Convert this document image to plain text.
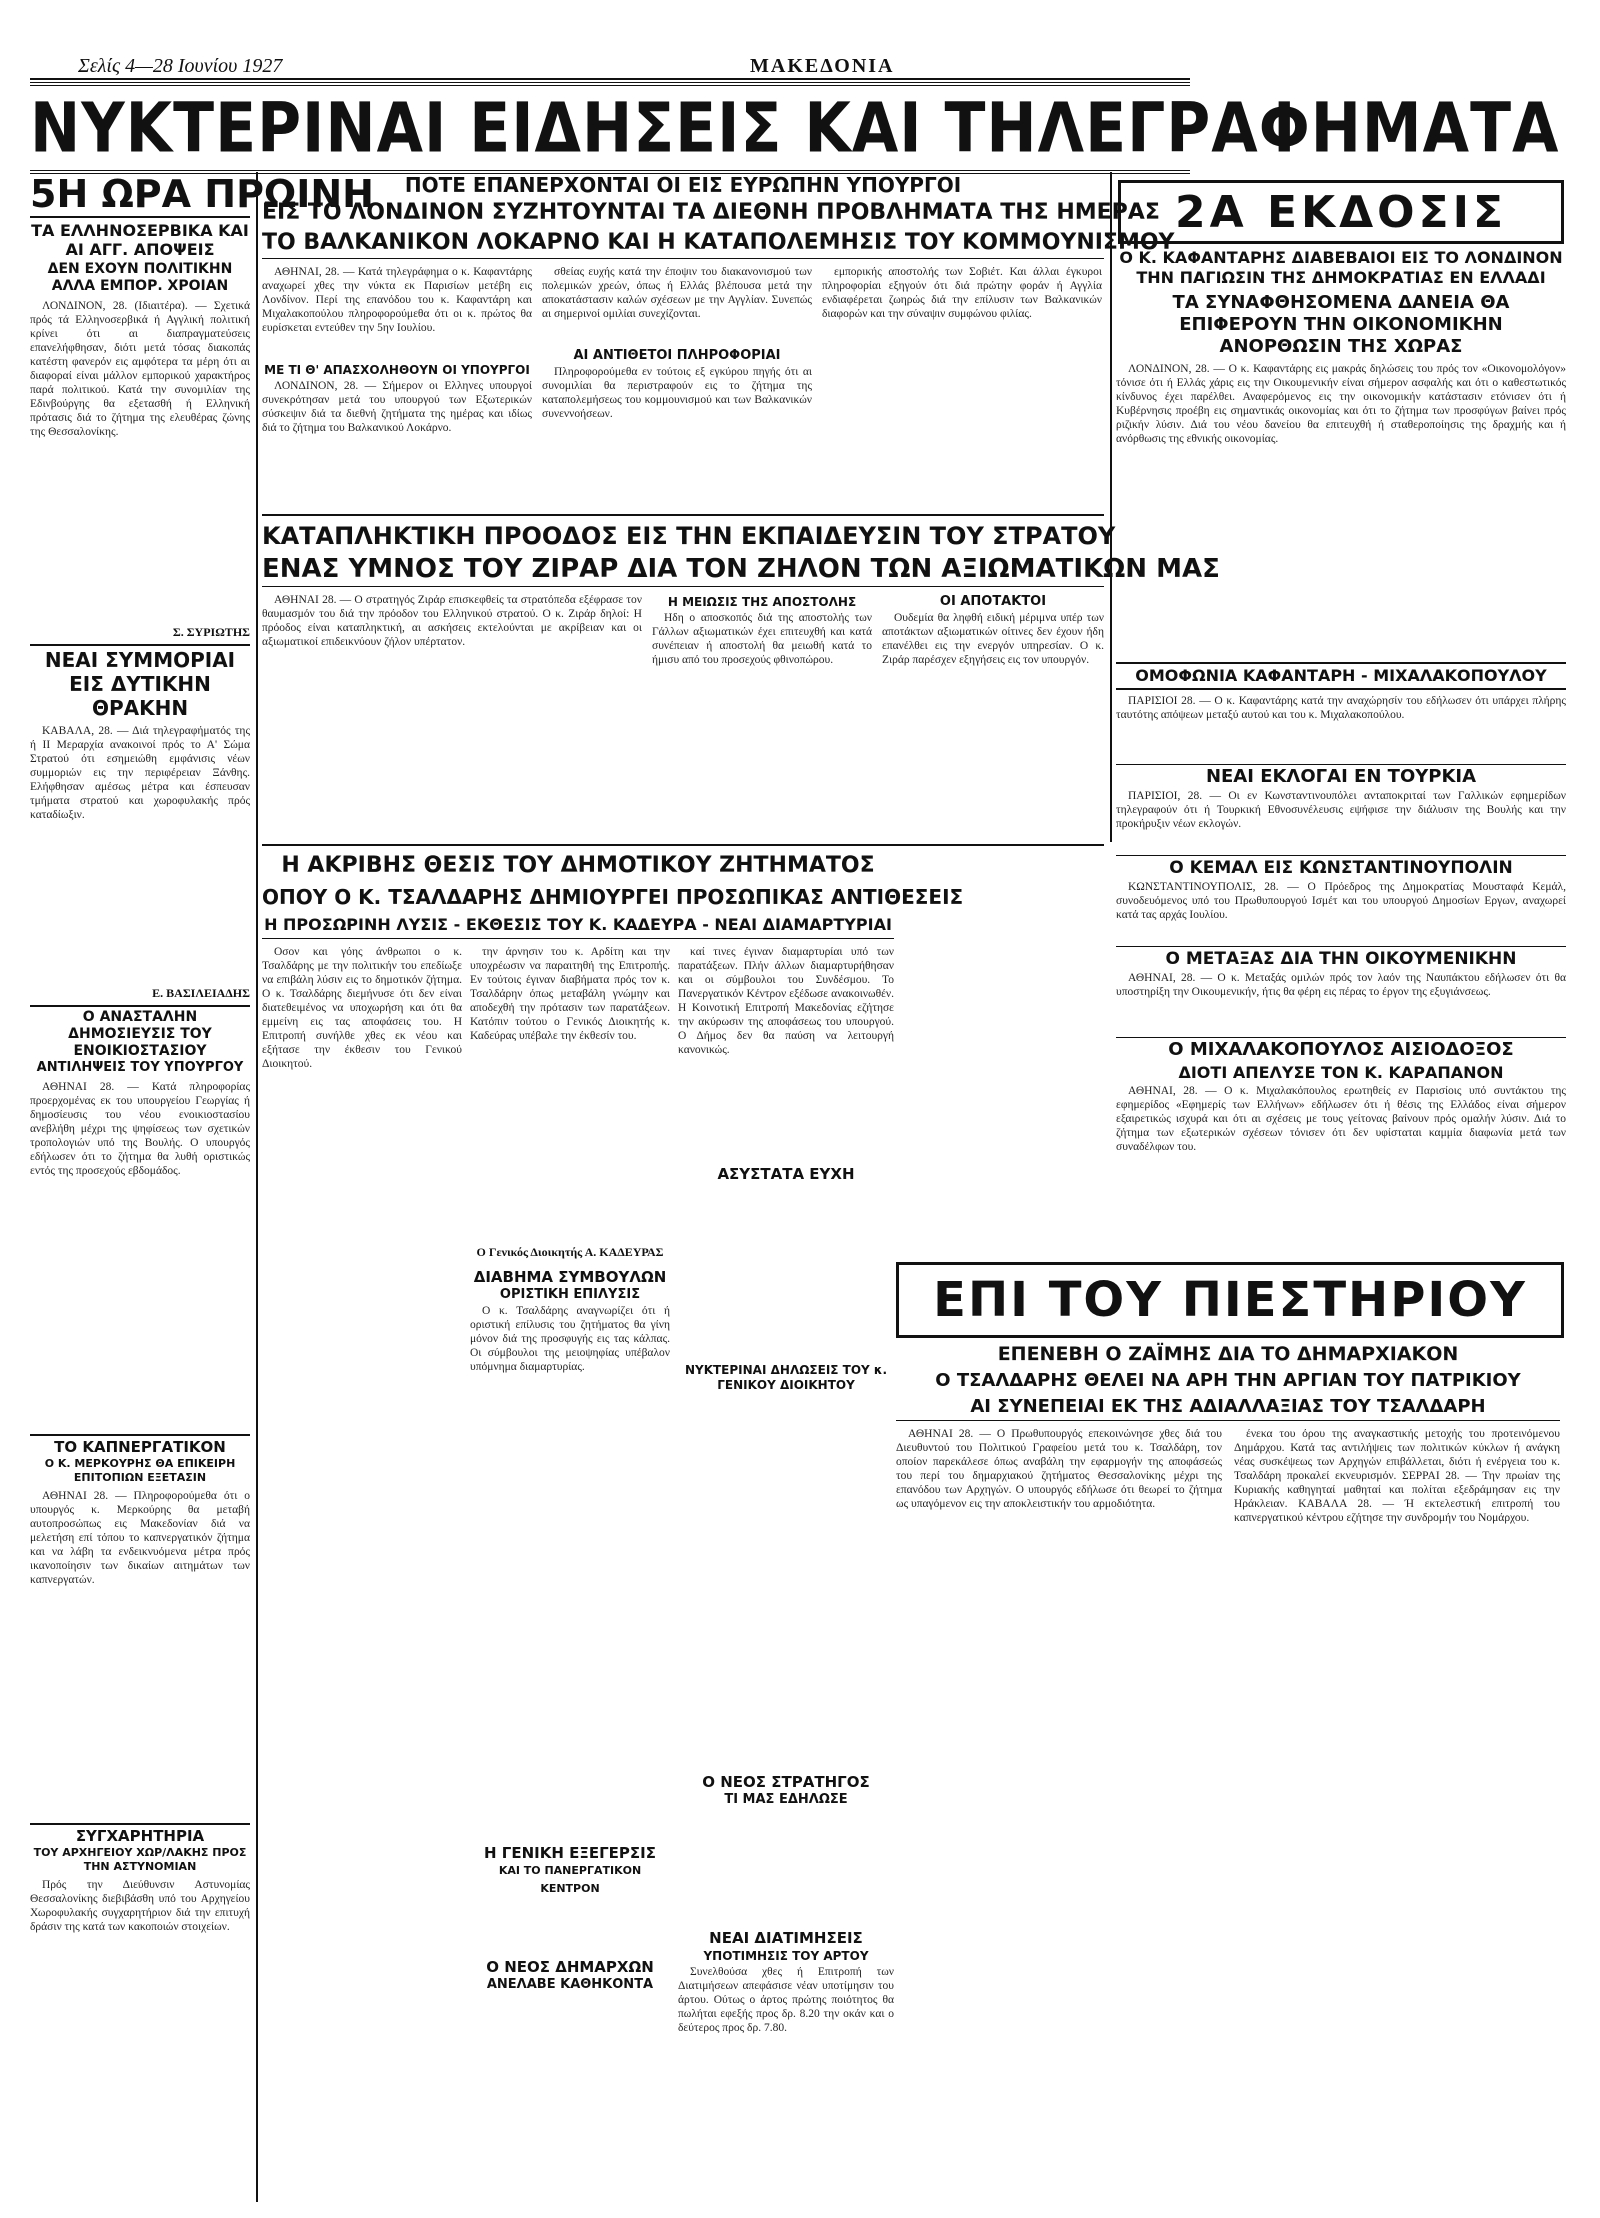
Σελίς 4—28 Ιουνίου 1927	ΜΑΚΕΔΟΝΙΑ
ΝΥΚΤΕΡΙΝΑΙ ΕΙΔΗΣΕΙΣ ΚΑΙ ΤΗΛΕΓΡΑΦΗΜΑΤΑ
5Η ΩΡΑ ΠΡΩΙΝΗ
ΤΑ ΕΛΛΗΝΟΣΕΡΒΙΚΑ ΚΑΙ ΑΙ ΑΓΓ. ΑΠΟΨΕΙΣ
ΔΕΝ ΕΧΟΥΝ ΠΟΛΙΤΙΚΗΝ ΑΛΛΑ ΕΜΠΟΡ. ΧΡΟΙΑΝ

ΛΟΝΔΙΝΟΝ, 28. (Ιδιαιτέρα). — Σχετικά πρός τά Ελληνοσερβικά ή Αγγλική πολιτική κρίνει ότι αι διαπραγματεύσεις επανελήφθησαν, διότι μετά τόσας διακοπάς κατέστη φανερόν εις αμφότερα τα μέρη ότι αι διαφοραί είναι μάλλον εμπορικού χαρακτήρος παρά πολιτικού. Κατά την συνομιλίαν της Εδινβούργης θα εξετασθή ή Ελληνική πρότασις διά το ζήτημα της ελευθέρας ζώνης της Θεσσαλονίκης.

Σ. ΣΥΡΙΩΤΗΣ
ΝΕΑΙ ΣΥΜΜΟΡΙΑΙ ΕΙΣ ΔΥΤΙΚΗΝ ΘΡΑΚΗΝ

ΚΑΒΑΛΑ, 28. — Διά τηλεγραφήματός της ή ΙΙ Μεραρχία ανακοινοί πρός το Α' Σώμα Στρατού ότι εσημειώθη εμφάνισις νέων συμμοριών εις την περιφέρειαν Ξάνθης. Ελήφθησαν αμέσως μέτρα και έσπευσαν τμήματα στρατού και χωροφυλακής πρός καταδίωξιν.

Ε. ΒΑΣΙΛΕΙΑΔΗΣ
Ο ΑΝΑΣΤΑΛΗΝ ΔΗΜΟΣΙΕΥΣΙΣ ΤΟΥ ΕΝΟΙΚΙΟΣΤΑΣΙΟΥ
ΑΝΤΙΛΗΨΕΙΣ ΤΟΥ ΥΠΟΥΡΓΟΥ

ΑΘΗΝΑΙ 28. — Κατά πληροφορίας προερχομένας εκ του υπουργείου Γεωργίας ή δημοσίευσις του νέου ενοικιοστασίου ανεβλήθη μέχρι της ψηφίσεως των σχετικών τροπολογιών υπό της Βουλής. Ο υπουργός εδήλωσεν ότι το ζήτημα θα λυθή οριστικώς εντός της προσεχούς εβδομάδος.

ΤΟ ΚΑΠΝΕΡΓΑΤΙΚΟΝ
Ο Κ. ΜΕΡΚΟΥΡΗΣ ΘΑ ΕΠΙΚΕΙΡΗ ΕΠΙΤΟΠΙΩΝ ΕΞΕΤΑΣΙΝ

ΑΘΗΝΑΙ 28. — Πληροφορούμεθα ότι ο υπουργός κ. Μερκούρης θα μεταβή αυτοπροσώπως εις Μακεδονίαν διά να μελετήση επί τόπου το καπνεργατικόν ζήτημα και να λάβη τα ενδεικνυόμενα μέτρα πρός ικανοποίησιν των δικαίων αιτημάτων των καπνεργατών.

ΣΥΓΧΑΡΗΤΗΡΙΑ
ΤΟΥ ΑΡΧΗΓΕΙΟΥ ΧΩΡ/ΛΑΚΗΣ ΠΡΟΣ ΤΗΝ ΑΣΤΥΝΟΜΙΑΝ

Πρός την Διεύθυνσιν Αστυνομίας Θεσσαλονίκης διεβιβάσθη υπό του Αρχηγείου Χωροφυλακής συγχαρητήριον διά την επιτυχή δράσιν της κατά των κακοποιών στοιχείων.

ΠΟΤΕ ΕΠΑΝΕΡΧΟΝΤΑΙ ΟΙ ΕΙΣ ΕΥΡΩΠΗΝ ΥΠΟΥΡΓΟΙ
ΕΙΣ ΤΟ ΛΟΝΔΙΝΟΝ ΣΥΖΗΤΟΥΝΤΑΙ ΤΑ ΔΙΕΘΝΗ ΠΡΟΒΛΗΜΑΤΑ ΤΗΣ ΗΜΕΡΑΣ
ΤΟ ΒΑΛΚΑΝΙΚΟΝ ΛΟΚΑΡΝΟ ΚΑΙ Η ΚΑΤΑΠΟΛΕΜΗΣΙΣ ΤΟΥ ΚΟΜΜΟΥΝΙΣΜΟΥ

ΑΘΗΝΑΙ, 28. — Κατά τηλεγράφημα ο κ. Καφαντάρης αναχωρεί χθες την νύκτα εκ Παρισίων μετέβη εις Λονδίνον. Περί της επανόδου του κ. Καφαντάρη και Μιχαλακοπούλου πληροφορούμεθα ότι οι κ. πρώτος θα ευρίσκεται εντεύθεν την 5ην Ιουλίου.

ΜΕ ΤΙ Θ' ΑΠΑΣΧΟΛΗΘΟΥΝ ΟΙ ΥΠΟΥΡΓΟΙ

ΛΟΝΔΙΝΟΝ, 28. — Σήμερον οι Ελληνες υπουργοί συνεκρότησαν μετά του υπουργού των Εξωτερικών σύσκεψιν διά τα διεθνή ζητήματα της ημέρας και ιδίως διά το ζήτημα του Βαλκανικού Λοκάρνο.

σθείας ευχής κατά την έποψιν του διακανονισμού των πολεμικών χρεών, όπως ή Ελλάς βλέπουσα μετά την αποκατάστασιν καλών σχέσεων με την Αγγλίαν. Συνεπώς αι σημερινοί ομιλίαι συνεχίζονται.

ΑΙ ΑΝΤΙΘΕΤΟΙ ΠΛΗΡΟΦΟΡΙΑΙ

Πληροφορούμεθα εν τούτοις εξ εγκύρου πηγής ότι αι συνομιλίαι θα περιστραφούν εις το ζήτημα της καταπολεμήσεως του κομμουνισμού και των Βαλκανικών συνεννοήσεων.

εμπορικής αποστολής των Σοβιέτ. Και άλλαι έγκυροι πληροφορίαι εξηγούν ότι διά πρώτην φοράν ή Αγγλία ενδιαφέρεται ζωηρώς διά την επίλυσιν των Βαλκανικών διαφορών και την σύναψιν συμφώνου φιλίας.

ΚΑΤΑΠΛΗΚΤΙΚΗ ΠΡΟΟΔΟΣ ΕΙΣ ΤΗΝ ΕΚΠΑΙΔΕΥΣΙΝ ΤΟΥ ΣΤΡΑΤΟΥ
ΕΝΑΣ ΥΜΝΟΣ ΤΟΥ ΖΙΡΑΡ ΔΙΑ ΤΟΝ ΖΗΛΟΝ ΤΩΝ ΑΞΙΩΜΑΤΙΚΩΝ ΜΑΣ

ΑΘΗΝΑΙ 28. — Ο στρατηγός Ζιράρ επισκεφθείς τα στρατόπεδα εξέφρασε τον θαυμασμόν του διά την πρόοδον του Ελληνικού στρατού. Ο κ. Ζιράρ δηλοί: Η πρόοδος είναι καταπληκτική, αι ασκήσεις εκτελούνται με ακρίβειαν και οι αξιωματικοί επιδεικνύουν ζήλον υπέρτατον.

Η ΜΕΙΩΣΙΣ ΤΗΣ ΑΠΟΣΤΟΛΗΣ

Ηδη ο αποσκοπός διά της αποστολής των Γάλλων αξιωματικών έχει επιτευχθή και κατά συνέπειαν ή αποστολή θα μειωθή κατά το ήμισυ από του προσεχούς φθινοπώρου.

ΟΙ ΑΠΟΤΑΚΤΟΙ

Ουδεμία θα ληφθή ειδική μέριμνα υπέρ των αποτάκτων αξιωματικών οίτινες δεν έχουν ήδη επανέλθει εις την ενεργόν υπηρεσίαν. Ο κ. Ζιράρ παρέσχεν εξηγήσεις εις τον υπουργόν.

Η ΑΚΡΙΒΗΣ ΘΕΣΙΣ ΤΟΥ ΔΗΜΟΤΙΚΟΥ ΖΗΤΗΜΑΤΟΣ
ΟΠΟΥ Ο Κ. ΤΣΑΛΔΑΡΗΣ ΔΗΜΙΟΥΡΓΕΙ ΠΡΟΣΩΠΙΚΑΣ ΑΝΤΙΘΕΣΕΙΣ
Η ΠΡΟΣΩΡΙΝΗ ΛΥΣΙΣ - ΕΚΘΕΣΙΣ ΤΟΥ Κ. ΚΑΔΕΥΡΑ - ΝΕΑΙ ΔΙΑΜΑΡΤΥΡΙΑΙ

Οσον και γόης άνθρωποι ο κ. Τσαλδάρης με την πολιτικήν του επεδίωξε να επιβάλη λύσιν εις το δημοτικόν ζήτημα. Ο κ. Τσαλδάρης διεμήνυσε ότι δεν είναι διατεθειμένος να υποχωρήση και ότι θα εμμείνη εις τας αποφάσεις του. Η Επιτροπή συνήλθε χθες εκ νέου και εξήτασε την έκθεσιν του Γενικού Διοικητού.

την άρνησιν του κ. Αρδίτη και την υποχρέωσιν να παραιτηθή της Επιτροπής. Εν τούτοις έγιναν διαβήματα πρός τον κ. Τσαλδάρην όπως μεταβάλη γνώμην και αποδεχθή την πρότασιν των παρατάξεων. Κατόπιν τούτου ο Γενικός Διοικητής κ. Καδεύρας υπέβαλε την έκθεσίν του.

Ο Γενικός Διοικητής Α. ΚΑΔΕΥΡΑΣ
ΔΙΑΒΗΜΑ ΣΥΜΒΟΥΛΩΝ
ΟΡΙΣΤΙΚΗ ΕΠΙΛΥΣΙΣ

Ο κ. Τσαλδάρης αναγνωρίζει ότι ή οριστική επίλυσις του ζητήματος θα γίνη μόνον διά της προσφυγής εις τας κάλπας. Οι σύμβουλοι της μειοψηφίας υπέβαλον υπόμνημα διαμαρτυρίας.

Η ΓΕΝΙΚΗ ΕΞΕΓΕΡΣΙΣ
ΚΑΙ ΤΟ ΠΑΝΕΡΓΑΤΙΚΟΝ ΚΕΝΤΡΟΝ
Ο ΝΕΟΣ ΔΗΜΑΡΧΩΝ
ΑΝΕΛΑΒΕ ΚΑΘΗΚΟΝΤΑ

καί τινες έγιναν διαμαρτυρίαι υπό των παρατάξεων. Πλήν άλλων διαμαρτυρήθησαν και οι σύμβουλοι του Συνδέσμου. Το Πανεργατικόν Κέντρον εξέδωσε ανακοινωθέν. Η Κοινοτική Επιτροπή Μακεδονίας εζήτησε την ακύρωσιν της αποφάσεως του υπουργού. Ο Δήμος δεν θα παύση να λειτουργή κανονικώς.

ΑΣΥΣΤΑΤΑ ΕΥΧΗ
ΝΥΚΤΕΡΙΝΑΙ ΔΗΛΩΣΕΙΣ ΤΟΥ κ. ΓΕΝΙΚΟΥ ΔΙΟΙΚΗΤΟΥ
Ο ΝΕΟΣ ΣΤΡΑΤΗΓΟΣ
ΤΙ ΜΑΣ ΕΔΗΛΩΣΕ
ΝΕΑΙ ΔΙΑΤΙΜΗΣΕΙΣ
ΥΠΟΤΙΜΗΣΙΣ ΤΟΥ ΑΡΤΟΥ

Συνελθούσα χθες ή Επιτροπή των Διατιμήσεων απεφάσισε νέαν υποτίμησιν του άρτου. Ούτως ο άρτος πρώτης ποιότητος θα πωλήται εφεξής προς δρ. 8.20 την οκάν και ο δεύτερος προς δρ. 7.80.

2Α ΕΚΔΟΣΙΣ
Ο Κ. ΚΑΦΑΝΤΑΡΗΣ ΔΙΑΒΕΒΑΙΟΙ ΕΙΣ ΤΟ ΛΟΝΔΙΝΟΝ ΤΗΝ ΠΑΓΙΩΣΙΝ ΤΗΣ ΔΗΜΟΚΡΑΤΙΑΣ ΕΝ ΕΛΛΑΔΙ
ΤΑ ΣΥΝΑΦΘΗΣΟΜΕΝΑ ΔΑΝΕΙΑ ΘΑ ΕΠΙΦΕΡΟΥΝ ΤΗΝ ΟΙΚΟΝΟΜΙΚΗΝ ΑΝΟΡΘΩΣΙΝ ΤΗΣ ΧΩΡΑΣ

ΛΟΝΔΙΝΟΝ, 28. — Ο κ. Καφαντάρης εις μακράς δηλώσεις του πρός τον «Οικονομολόγον» τόνισε ότι ή Ελλάς χάρις εις την Οικουμενικήν είναι σήμερον ασφαλής και ότι ο καθεστωτικός κίνδυνος έχει παρέλθει. Αναφερόμενος εις την οικονομικήν κατάστασιν ετόνισεν ότι ή Κυβέρνησις προέβη εις σημαντικάς οικονομίας και ότι το ζήτημα των προσφύγων βαίνει πρός ριζικήν λύσιν. Διά του νέου δανείου θα επιτευχθή ή σταθεροποίησις της δραχμής και ή ανόρθωσις της εθνικής οικονομίας.

ΟΜΟΦΩΝΙΑ ΚΑΦΑΝΤΑΡΗ - ΜΙΧΑΛΑΚΟΠΟΥΛΟΥ

ΠΑΡΙΣΙΟΙ 28. — Ο κ. Καφαντάρης κατά την αναχώρησίν του εδήλωσεν ότι υπάρχει πλήρης ταυτότης απόψεων μεταξύ αυτού και του κ. Μιχαλακοπούλου.

ΝΕΑΙ ΕΚΛΟΓΑΙ ΕΝ ΤΟΥΡΚΙΑ

ΠΑΡΙΣΙΟΙ, 28. — Οι εν Κωνσταντινουπόλει ανταποκριταί των Γαλλικών εφημερίδων τηλεγραφούν ότι ή Τουρκική Εθνοσυνέλευσις εψήφισε την διάλυσιν της Βουλής και την προκήρυξιν νέων εκλογών.

Ο ΚΕΜΑΛ ΕΙΣ ΚΩΝΣΤΑΝΤΙΝΟΥΠΟΛΙΝ

ΚΩΝΣΤΑΝΤΙΝΟΥΠΟΛΙΣ, 28. — Ο Πρόεδρος της Δημοκρατίας Μουσταφά Κεμάλ, συνοδευόμενος υπό του Πρωθυπουργού Ισμέτ και του υπουργού Δημοσίων Εργων, αναχωρεί κατά τας αρχάς Ιουλίου.

Ο ΜΕΤΑΞΑΣ ΔΙΑ ΤΗΝ ΟΙΚΟΥΜΕΝΙΚΗΝ

ΑΘΗΝΑΙ, 28. — Ο κ. Μεταξάς ομιλών πρός τον λαόν της Ναυπάκτου εδήλωσεν ότι θα υποστηρίξη την Οικουμενικήν, ήτις θα φέρη εις πέρας το έργον της εξυγιάνσεως.

Ο ΜΙΧΑΛΑΚΟΠΟΥΛΟΣ ΑΙΣΙΟΔΟΞΟΣ
ΔΙΟΤΙ ΑΠΕΛΥΣΕ ΤΟΝ Κ. ΚΑΡΑΠΑΝΟΝ

ΑΘΗΝΑΙ, 28. — Ο κ. Μιχαλακόπουλος ερωτηθείς εν Παρισίοις υπό συντάκτου της εφημερίδος «Εφημερίς των Ελλήνων» εδήλωσεν ότι ή θέσις της Ελλάδος είναι σήμερον εξαιρετικώς ισχυρά και ότι αι σχέσεις με τους γείτονας βαίνουν πρός ομαλήν λύσιν. Διά το ζήτημα των εξωτερικών σχέσεων τόνισεν ότι δεν υφίσταται καμμία διαφωνία μετά των συναδέλφων του.

ΕΠΙ ΤΟΥ ΠΙΕΣΤΗΡΙΟΥ
ΕΠΕΝΕΒΗ Ο ΖΑΪΜΗΣ ΔΙΑ ΤΟ ΔΗΜΑΡΧΙΑΚΟΝ
Ο ΤΣΑΛΔΑΡΗΣ ΘΕΛΕΙ ΝΑ ΑΡΗ ΤΗΝ ΑΡΓΙΑΝ ΤΟΥ ΠΑΤΡΙΚΙΟΥ
ΑΙ ΣΥΝΕΠΕΙΑΙ ΕΚ ΤΗΣ ΑΔΙΑΛΛΑΞΙΑΣ ΤΟΥ ΤΣΑΛΔΑΡΗ

ΑΘΗΝΑΙ 28. — Ο Πρωθυπουργός επεκοινώνησε χθες διά του Διευθυντού του Πολιτικού Γραφείου μετά του κ. Τσαλδάρη, τον οποίον παρεκάλεσε όπως αναβάλη την εφαρμογήν της αποφάσεώς του περί του δημαρχιακού ζητήματος Θεσσαλονίκης μέχρι της επανόδου των Αρχηγών. Ο υπουργός εδήλωσε ότι θεωρεί το ζήτημα ως υπαγόμενον εις την αποκλειστικήν του αρμοδιότητα.

ένεκα του όρου της αναγκαστικής μετοχής του προτεινόμενου Δημάρχου. Κατά τας αντιλήψεις των πολιτικών κύκλων ή ανάγκη νέας συσκέψεως των Αρχηγών επιβάλλεται, διότι ή ενέργεια του κ. Τσαλδάρη προκαλεί εκνευρισμόν. ΣΕΡΡΑΙ 28. — Την πρωίαν της Κυριακής καθηγηταί μαθηταί και πολίται εξεδράμησαν εις την Ηράκλειαν. ΚΑΒΑΛΑ 28. — Ή εκτελεστική επιτροπή του καπνεργατικού κέντρου εζήτησε την συνδρομήν του Νομάρχου.
